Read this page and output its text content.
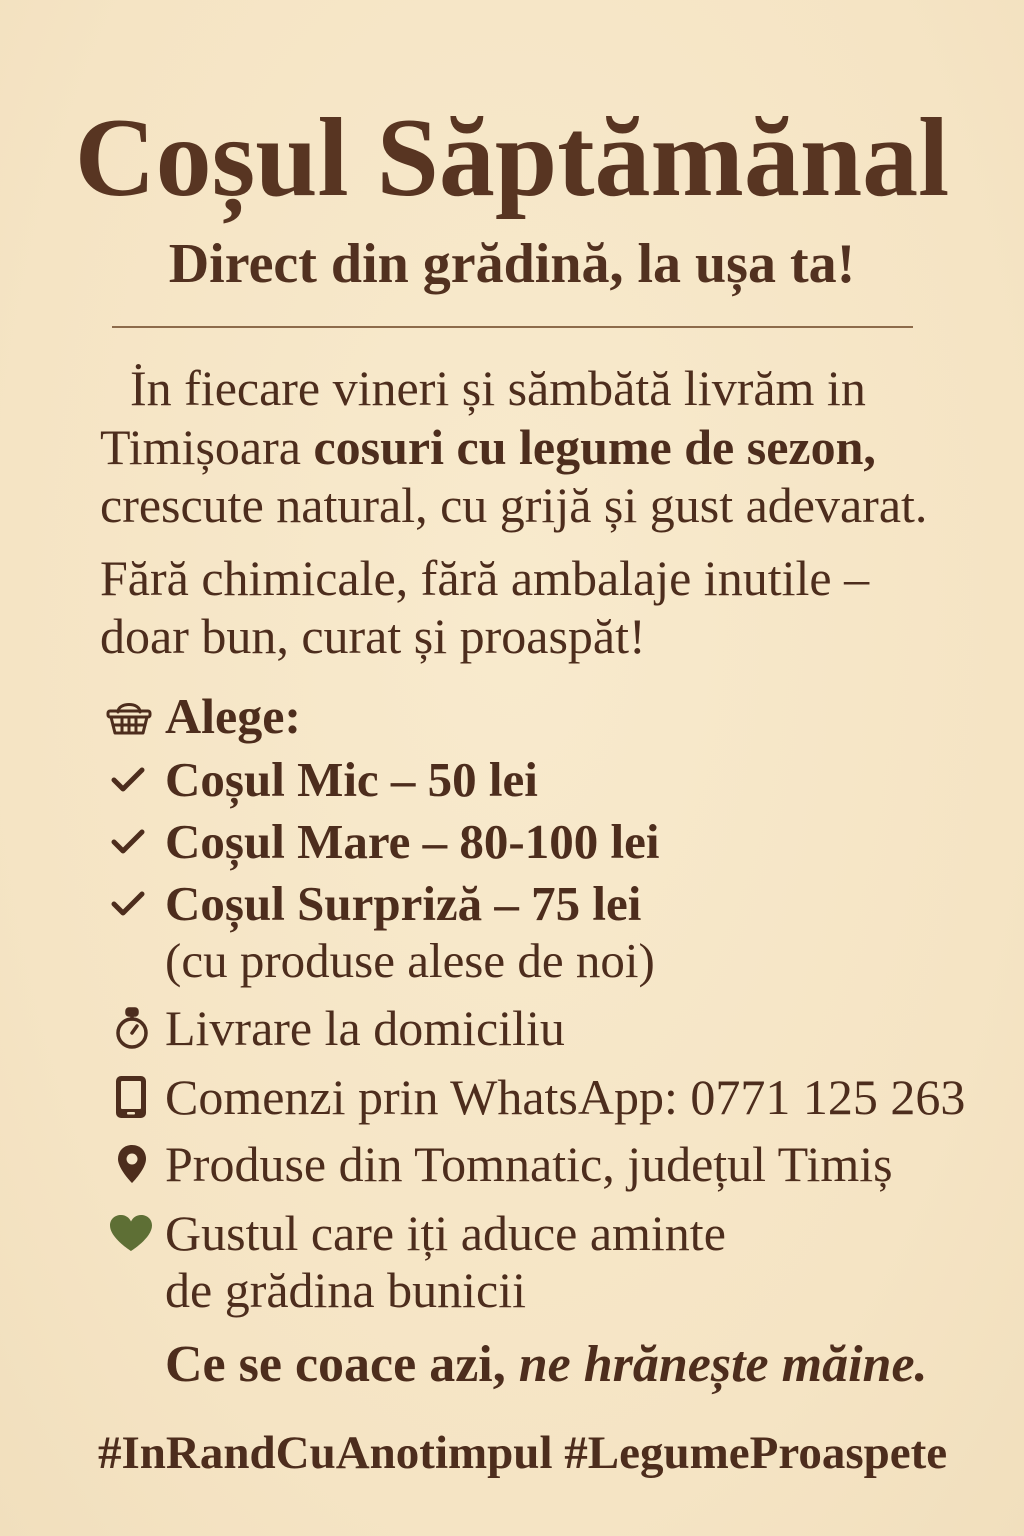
Coșul Săptămănal
Direct din grădină, la ușa ta!
İn fiecare vineri și sămbătă livrăm in
Timișoara cosuri cu legume de sezon,
crescute natural, cu grijă și gust adevarat.
Fără chimicale, fără ambalaje inutile –
doar bun, curat și proaspăt!
Alege:
Coșul Mic – 50 lei
Coșul Mare – 80-100 lei
Coșul Surpriză – 75 lei
(cu produse alese de noi)
Livrare la domiciliu
Comenzi prin WhatsApp: 0771 125 263
Produse din Tomnatic, județul Timiș
Gustul care iți aduce aminte
de grădina bunicii
Ce se coace azi, ne hrănește măine.
#InRandCuAnotimpul #LegumeProaspete
